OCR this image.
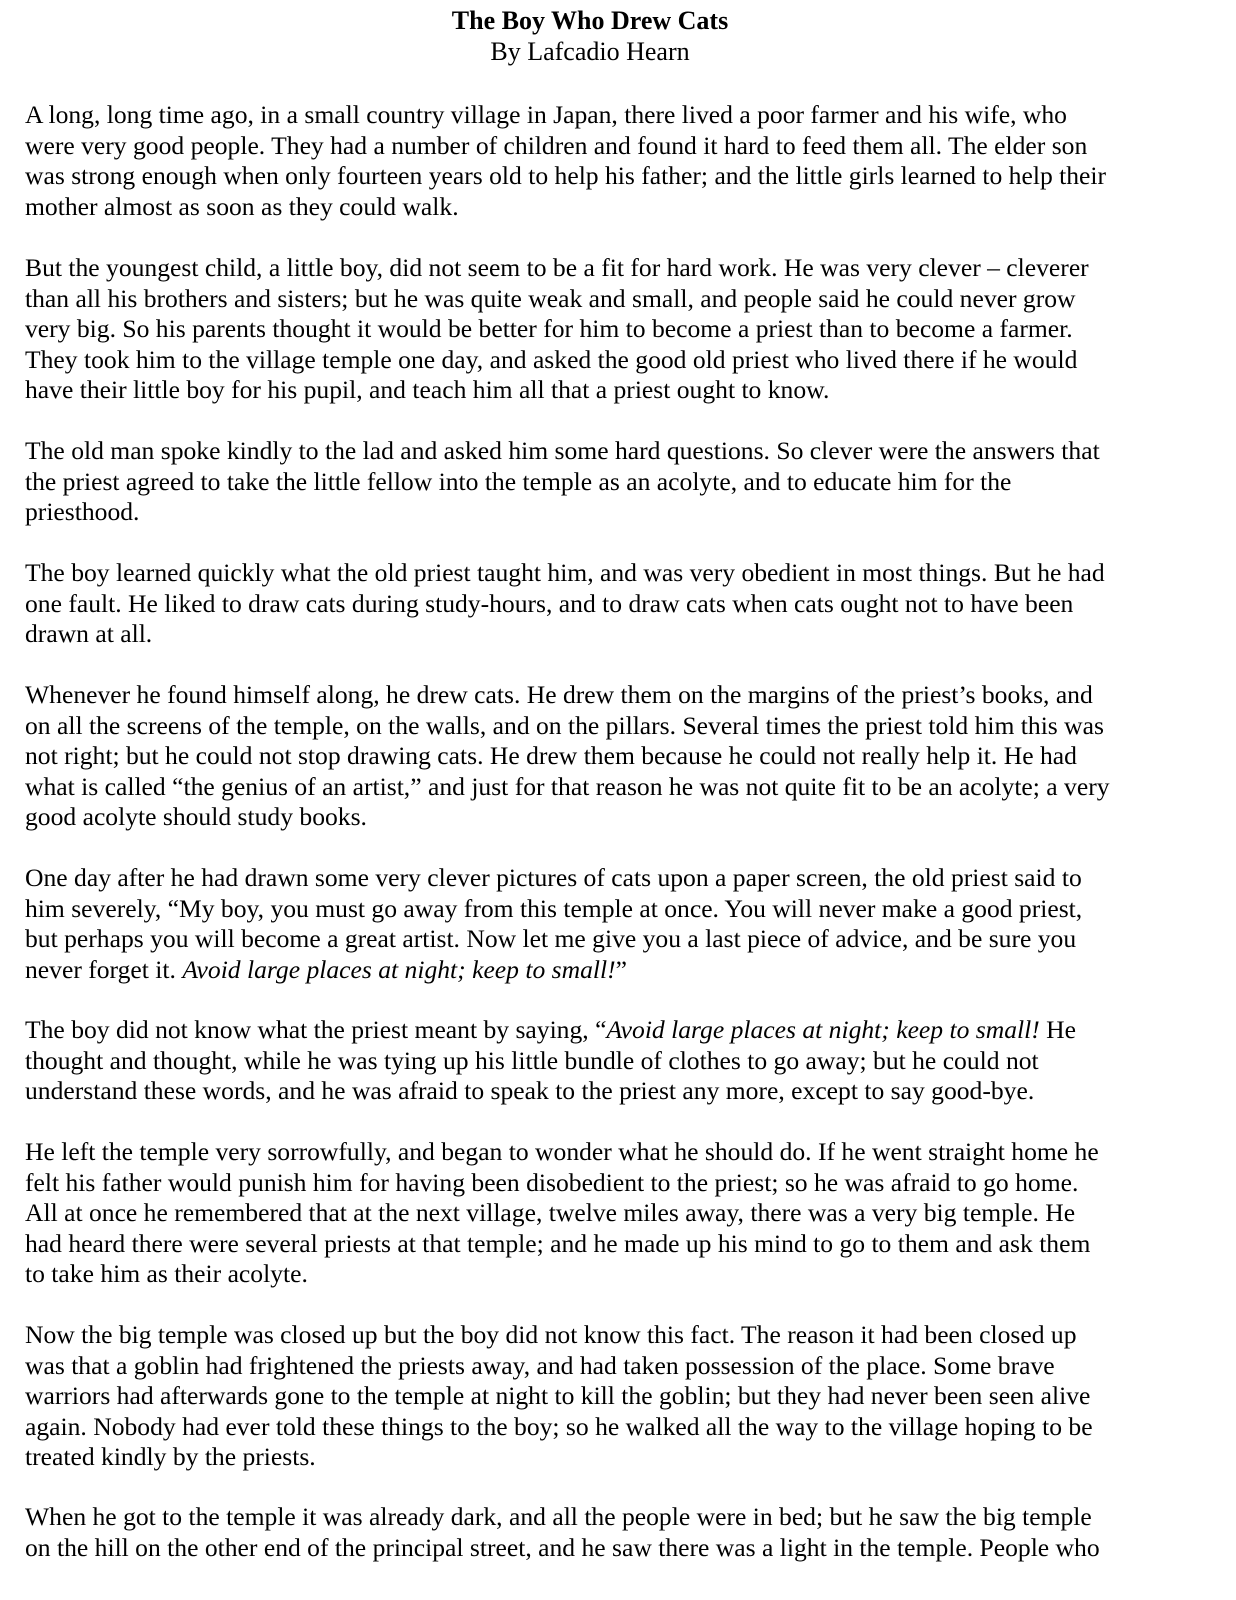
The Boy Who Drew Cats
By Lafcadio Hearn
A long, long time ago, in a small country village in Japan, there lived a poor farmer and his wife, who
were very good people. They had a number of children and found it hard to feed them all. The elder son
was strong enough when only fourteen years old to help his father; and the little girls learned to help their
mother almost as soon as they could walk.
But the youngest child, a little boy, did not seem to be a fit for hard work. He was very clever – cleverer
than all his brothers and sisters; but he was quite weak and small, and people said he could never grow
very big. So his parents thought it would be better for him to become a priest than to become a farmer.
They took him to the village temple one day, and asked the good old priest who lived there if he would
have their little boy for his pupil, and teach him all that a priest ought to know.
The old man spoke kindly to the lad and asked him some hard questions. So clever were the answers that
the priest agreed to take the little fellow into the temple as an acolyte, and to educate him for the
priesthood.
The boy learned quickly what the old priest taught him, and was very obedient in most things. But he had
one fault. He liked to draw cats during study-hours, and to draw cats when cats ought not to have been
drawn at all.
Whenever he found himself along, he drew cats. He drew them on the margins of the priest’s books, and
on all the screens of the temple, on the walls, and on the pillars. Several times the priest told him this was
not right; but he could not stop drawing cats. He drew them because he could not really help it. He had
what is called “the genius of an artist,” and just for that reason he was not quite fit to be an acolyte; a very
good acolyte should study books.
One day after he had drawn some very clever pictures of cats upon a paper screen, the old priest said to
him severely, “My boy, you must go away from this temple at once. You will never make a good priest,
but perhaps you will become a great artist. Now let me give you a last piece of advice, and be sure you
never forget it. Avoid large places at night; keep to small!”
The boy did not know what the priest meant by saying, “Avoid large places at night; keep to small! He
thought and thought, while he was tying up his little bundle of clothes to go away; but he could not
understand these words, and he was afraid to speak to the priest any more, except to say good-bye.
He left the temple very sorrowfully, and began to wonder what he should do. If he went straight home he
felt his father would punish him for having been disobedient to the priest; so he was afraid to go home.
All at once he remembered that at the next village, twelve miles away, there was a very big temple. He
had heard there were several priests at that temple; and he made up his mind to go to them and ask them
to take him as their acolyte.
Now the big temple was closed up but the boy did not know this fact. The reason it had been closed up
was that a goblin had frightened the priests away, and had taken possession of the place. Some brave
warriors had afterwards gone to the temple at night to kill the goblin; but they had never been seen alive
again. Nobody had ever told these things to the boy; so he walked all the way to the village hoping to be
treated kindly by the priests.
When he got to the temple it was already dark, and all the people were in bed; but he saw the big temple
on the hill on the other end of the principal street, and he saw there was a light in the temple. People who
